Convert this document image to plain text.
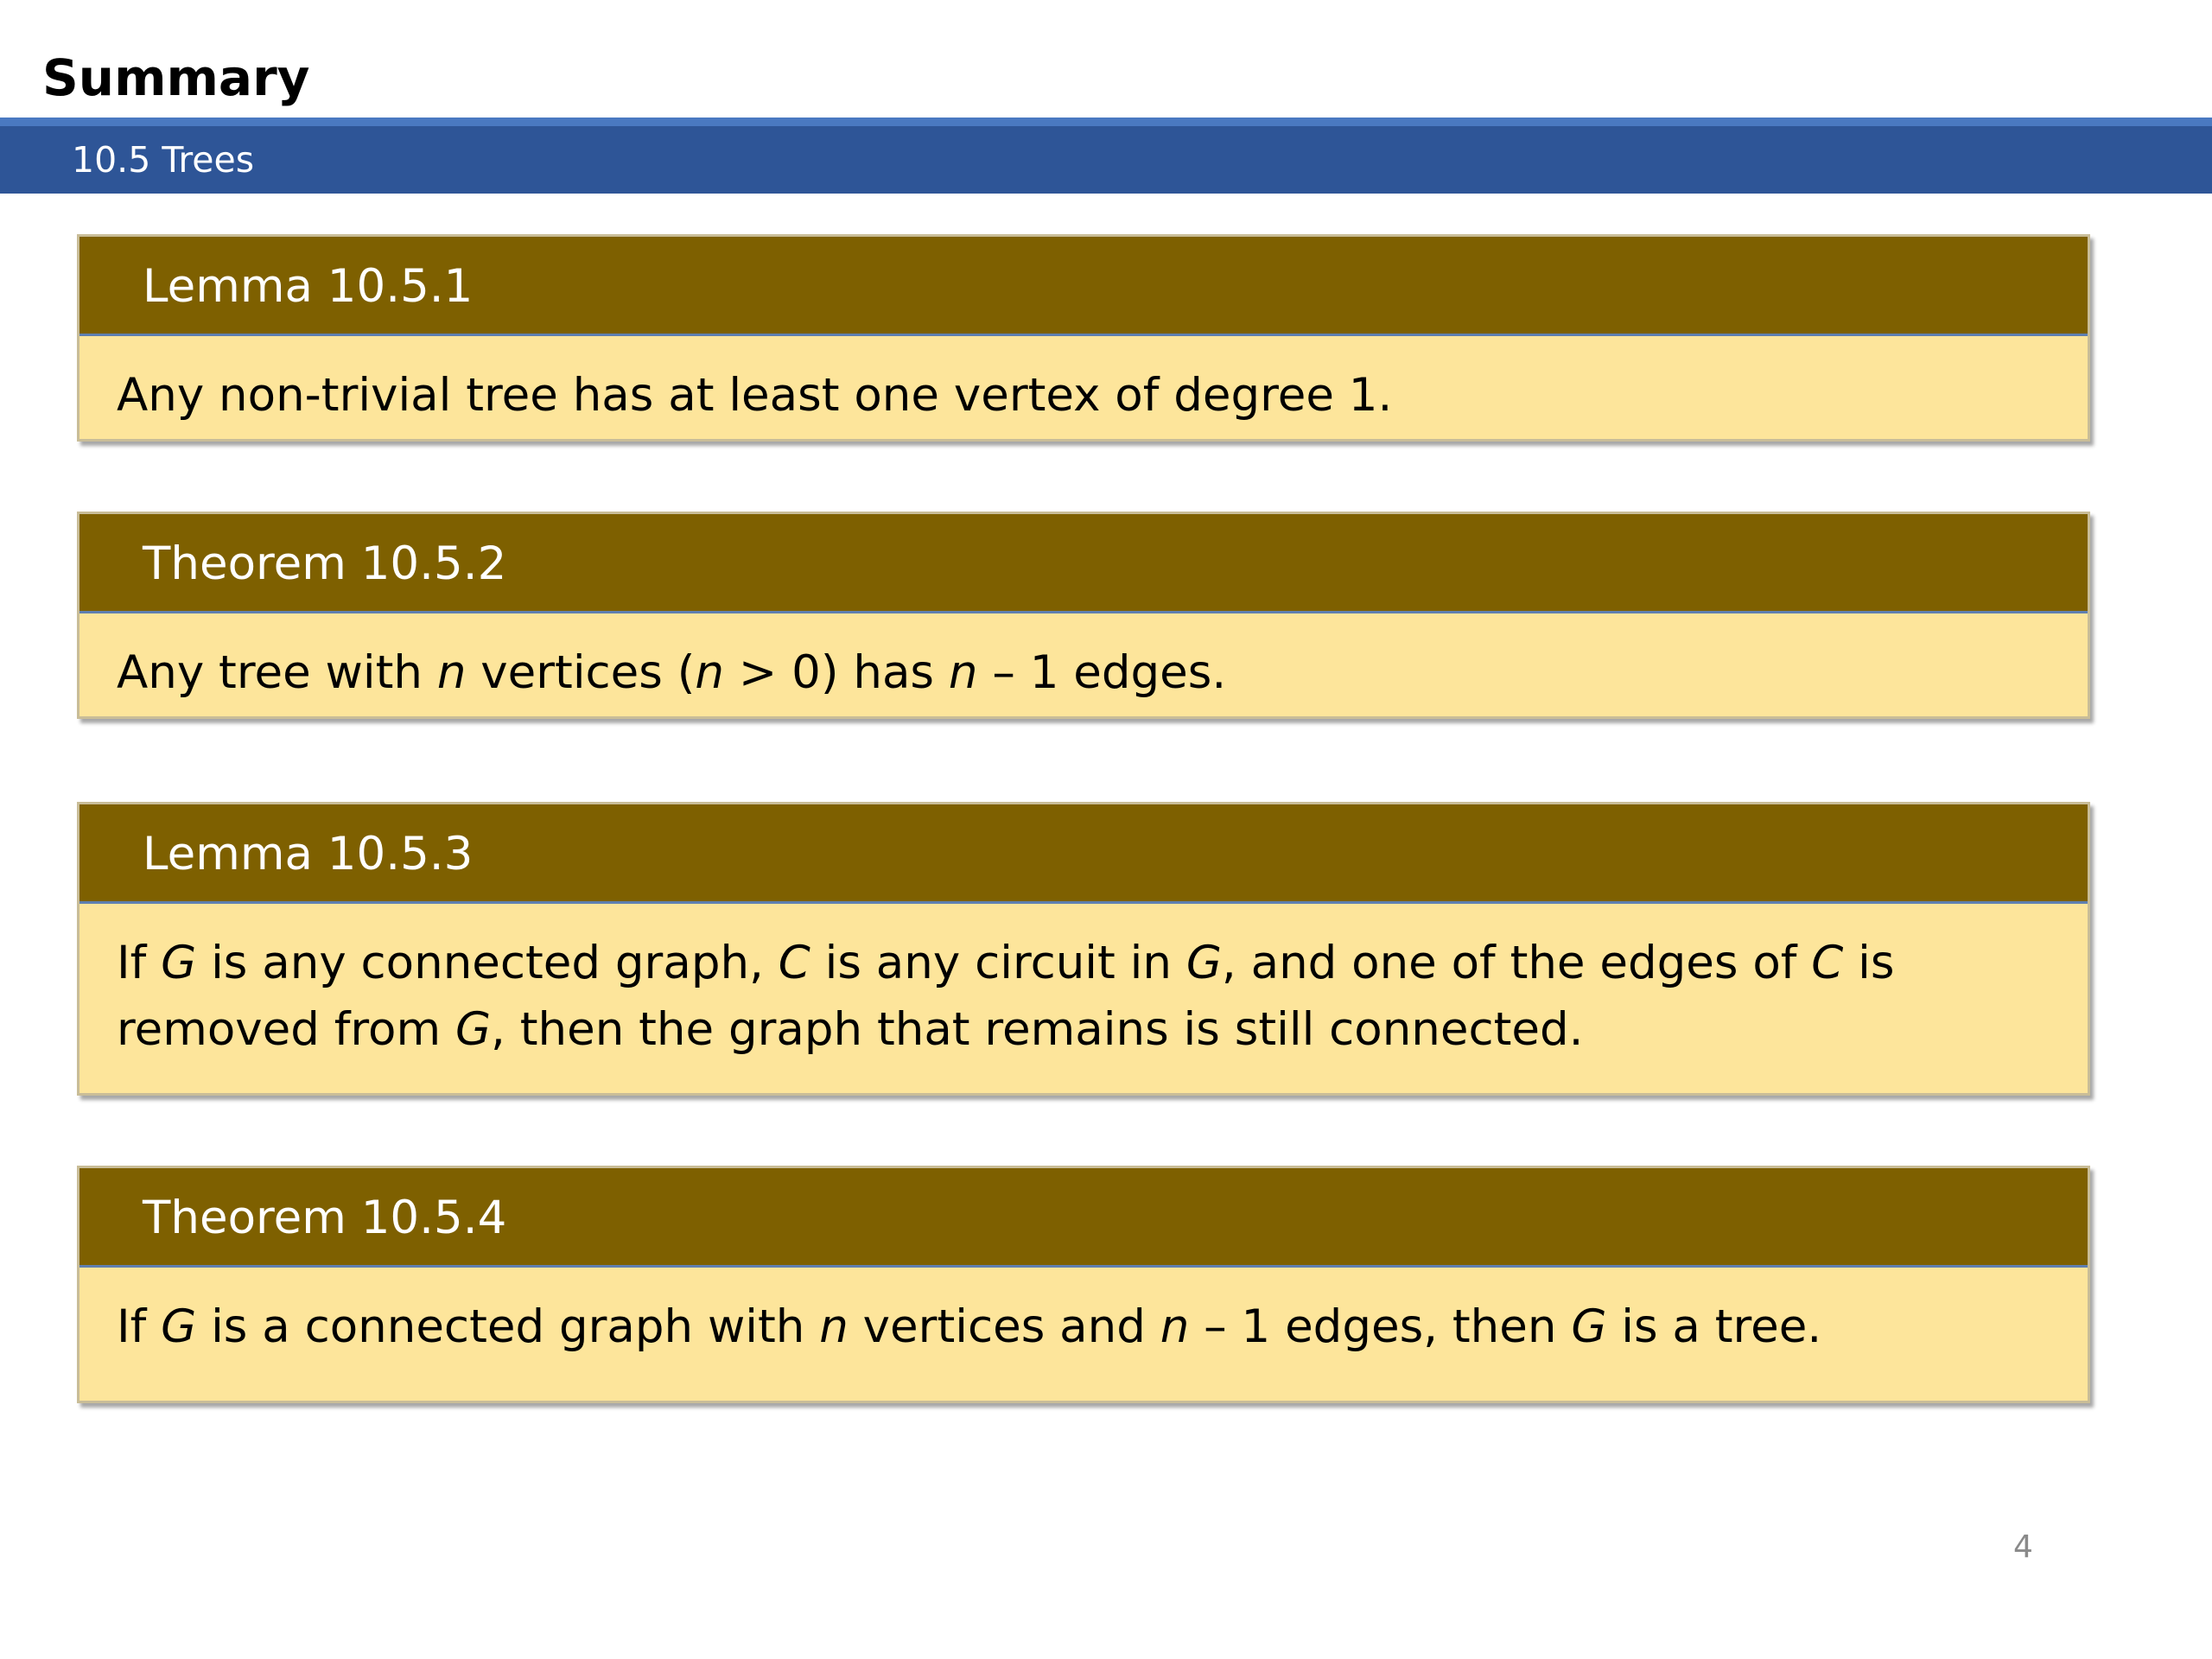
Summary
10.5 Trees
Lemma 10.5.1

Any non-trivial tree has at least one vertex of degree 1.

Theorem 10.5.2

Any tree with n vertices (n > 0) has n – 1 edges.

Lemma 10.5.3

If G is any connected graph, C is any circuit in G, and one of the edges of C is

removed from G, then the graph that remains is still connected.

Theorem 10.5.4

If G is a connected graph with n vertices and n – 1 edges, then G is a tree.

4
